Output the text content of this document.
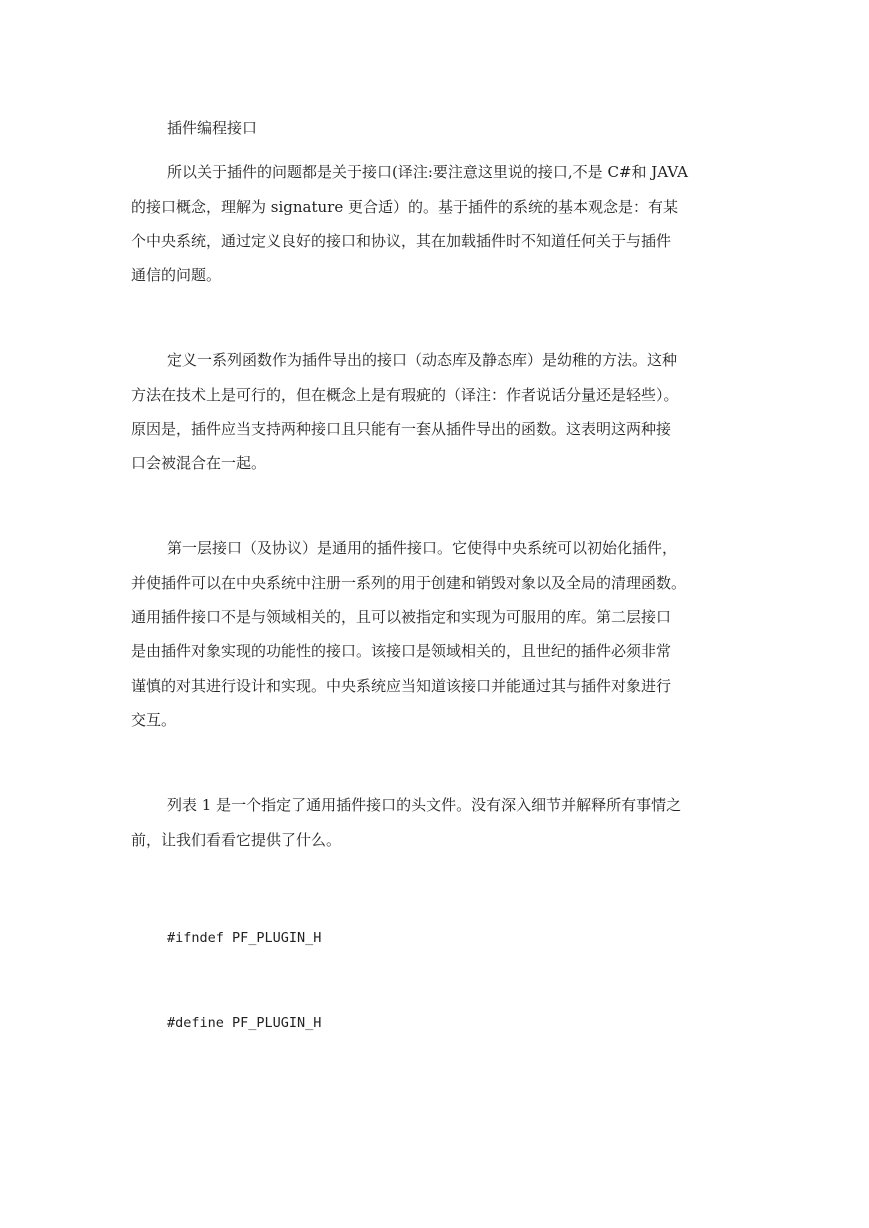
插件编程接口
所以关于插件的问题都是关于接口(译注:要注意这里说的接口,不是 C#和 JAVA
的接口概念，理解为 signature 更合适）的。基于插件的系统的基本观念是：有某
个中央系统，通过定义良好的接口和协议，其在加载插件时不知道任何关于与插件
通信的问题。
定义一系列函数作为插件导出的接口（动态库及静态库）是幼稚的方法。这种
方法在技术上是可行的，但在概念上是有瑕疵的（译注：作者说话分量还是轻些）。
原因是，插件应当支持两种接口且只能有一套从插件导出的函数。这表明这两种接
口会被混合在一起。
第一层接口（及协议）是通用的插件接口。它使得中央系统可以初始化插件，
并使插件可以在中央系统中注册一系列的用于创建和销毁对象以及全局的清理函数。
通用插件接口不是与领域相关的，且可以被指定和实现为可服用的库。第二层接口
是由插件对象实现的功能性的接口。该接口是领域相关的，且世纪的插件必须非常
谨慎的对其进行设计和实现。中央系统应当知道该接口并能通过其与插件对象进行
交互。
列表 1 是一个指定了通用插件接口的头文件。没有深入细节并解释所有事情之
前，让我们看看它提供了什么。
#ifndef PF_PLUGIN_H
#define PF_PLUGIN_H
